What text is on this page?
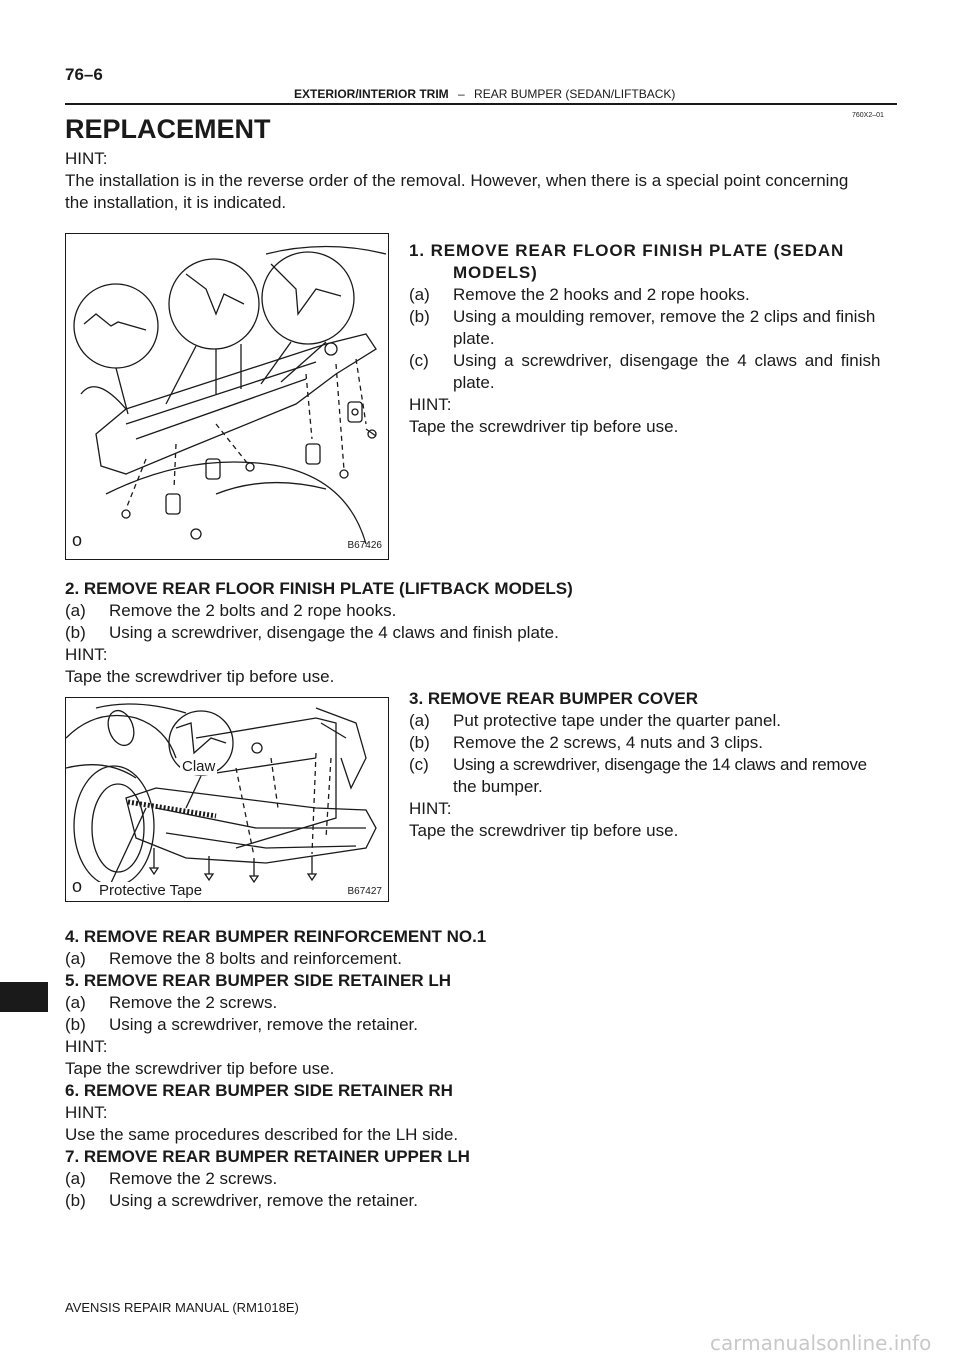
76–6
EXTERIOR/INTERIOR TRIM – REAR BUMPER (SEDAN/LIFTBACK)
760X2–01
REPLACEMENT
HINT:
The installation is in the reverse order of the removal. However, when there is a special point concerning
the installation, it is indicated.
o	B67426
1. REMOVE REAR FLOOR FINISH PLATE (SEDAN
MODELS)
(a) Remove the 2 hooks and 2 rope hooks.
(b) Using a moulding remover, remove the 2 clips and finish
plate.
(c) Using a screwdriver, disengage the 4 claws and finish
plate.
HINT:
Tape the screwdriver tip before use.
2. REMOVE REAR FLOOR FINISH PLATE (LIFTBACK MODELS)
(a) Remove the 2 bolts and 2 rope hooks.
(b) Using a screwdriver, disengage the 4 claws and finish plate.
HINT:
Tape the screwdriver tip before use.
Claw
o Protective Tape	B67427
3. REMOVE REAR BUMPER COVER
(a) Put protective tape under the quarter panel.
(b) Remove the 2 screws, 4 nuts and 3 clips.
(c) Using a screwdriver, disengage the 14 claws and remove
the bumper.
HINT:
Tape the screwdriver tip before use.
4. REMOVE REAR BUMPER REINFORCEMENT NO.1
(a) Remove the 8 bolts and reinforcement.
5. REMOVE REAR BUMPER SIDE RETAINER LH
(a) Remove the 2 screws.
(b) Using a screwdriver, remove the retainer.
HINT:
Tape the screwdriver tip before use.
6. REMOVE REAR BUMPER SIDE RETAINER RH
HINT:
Use the same procedures described for the LH side.
7. REMOVE REAR BUMPER RETAINER UPPER LH
(a) Remove the 2 screws.
(b) Using a screwdriver, remove the retainer.
AVENSIS REPAIR MANUAL (RM1018E)
carmanualsonline.info
